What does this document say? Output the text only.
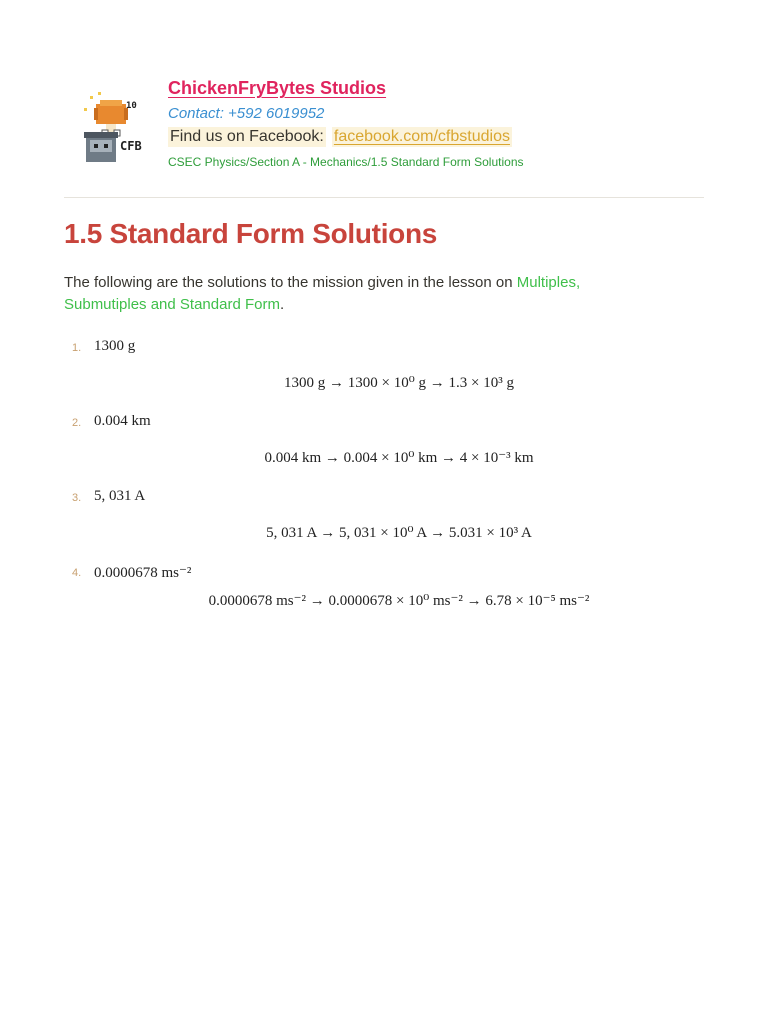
10
CFB
ChickenFryBytes Studios
Contact: +592 6019952
Find us on Facebook: facebook.com/cfbstudios
CSEC Physics/Section A - Mechanics/1.5 Standard Form Solutions
1.5 Standard Form Solutions
The following are the solutions to the mission given in the lesson on Multiples, Submutiples and Standard Form.
1. 1300 g
1300 g → 1300 × 10⁰ g → 1.3 × 10³ g
2. 0.004 km
0.004 km → 0.004 × 10⁰ km → 4 × 10⁻³ km
3. 5, 031 A
5, 031 A → 5, 031 × 10⁰ A → 5.031 × 10³ A
4. 0.0000678 ms⁻²
0.0000678 ms⁻² → 0.0000678 × 10⁰ ms⁻² → 6.78 × 10⁻⁵ ms⁻²
